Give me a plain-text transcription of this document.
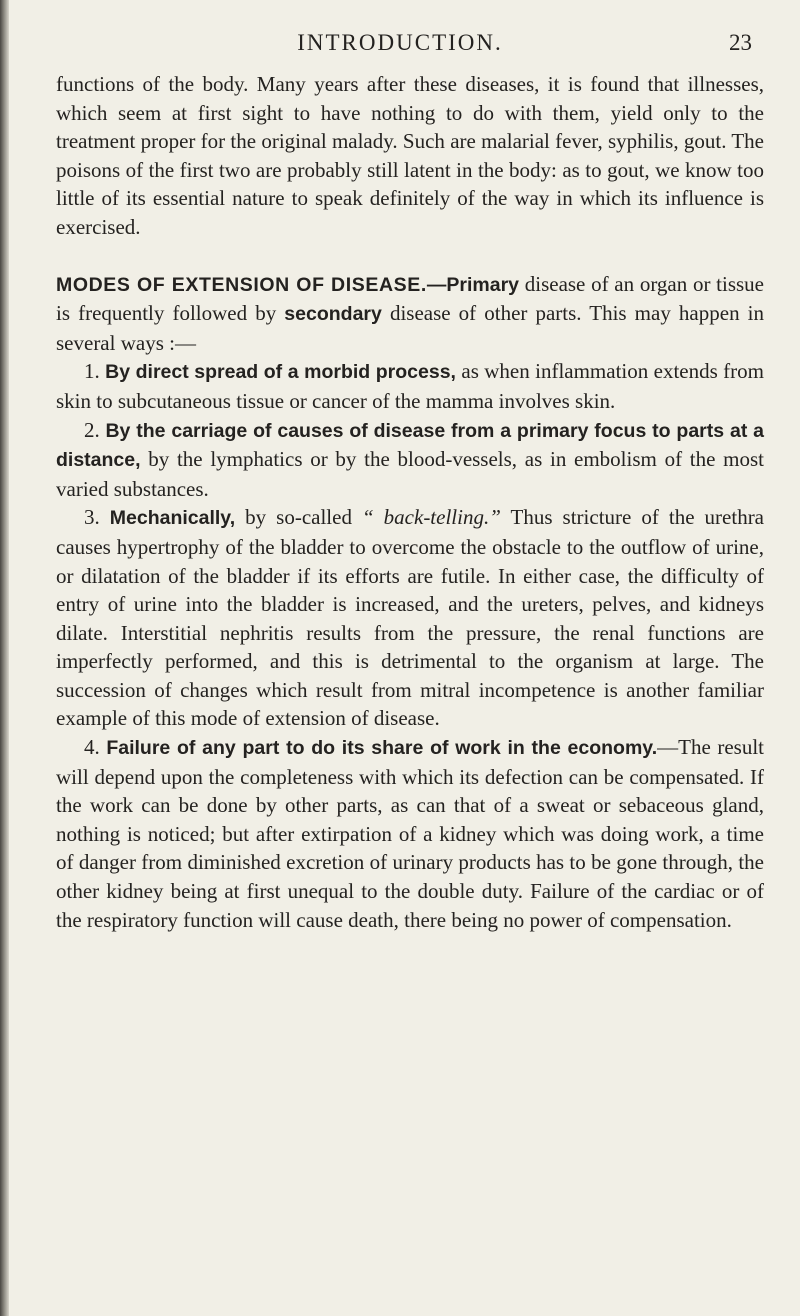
INTRODUCTION.	23

functions of the body. Many years after these diseases, it is found that illnesses, which seem at first sight to have nothing to do with them, yield only to the treatment proper for the original malady. Such are malarial fever, syphilis, gout. The poisons of the first two are probably still latent in the body: as to gout, we know too little of its essential nature to speak definitely of the way in which its influence is exercised.

MODES OF EXTENSION OF DISEASE.—Primary disease of an organ or tissue is frequently followed by secondary disease of other parts. This may happen in several ways :—

1. By direct spread of a morbid process, as when inflammation extends from skin to subcutaneous tissue or cancer of the mamma involves skin.

2. By the carriage of causes of disease from a primary focus to parts at a distance, by the lymphatics or by the blood-vessels, as in embolism of the most varied substances.

3. Mechanically, by so-called “ back-telling.” Thus stricture of the urethra causes hypertrophy of the bladder to overcome the obstacle to the outflow of urine, or dilatation of the bladder if its efforts are futile. In either case, the difficulty of entry of urine into the bladder is increased, and the ureters, pelves, and kidneys dilate. Interstitial nephritis results from the pressure, the renal functions are imperfectly performed, and this is detrimental to the organism at large. The succession of changes which result from mitral incompetence is another familiar example of this mode of extension of disease.

4. Failure of any part to do its share of work in the economy.—The result will depend upon the completeness with which its defection can be compensated. If the work can be done by other parts, as can that of a sweat or sebaceous gland, nothing is noticed; but after extirpation of a kidney which was doing work, a time of danger from diminished excretion of urinary products has to be gone through, the other kidney being at first unequal to the double duty. Failure of the cardiac or of the respiratory function will cause death, there being no power of compensation.
